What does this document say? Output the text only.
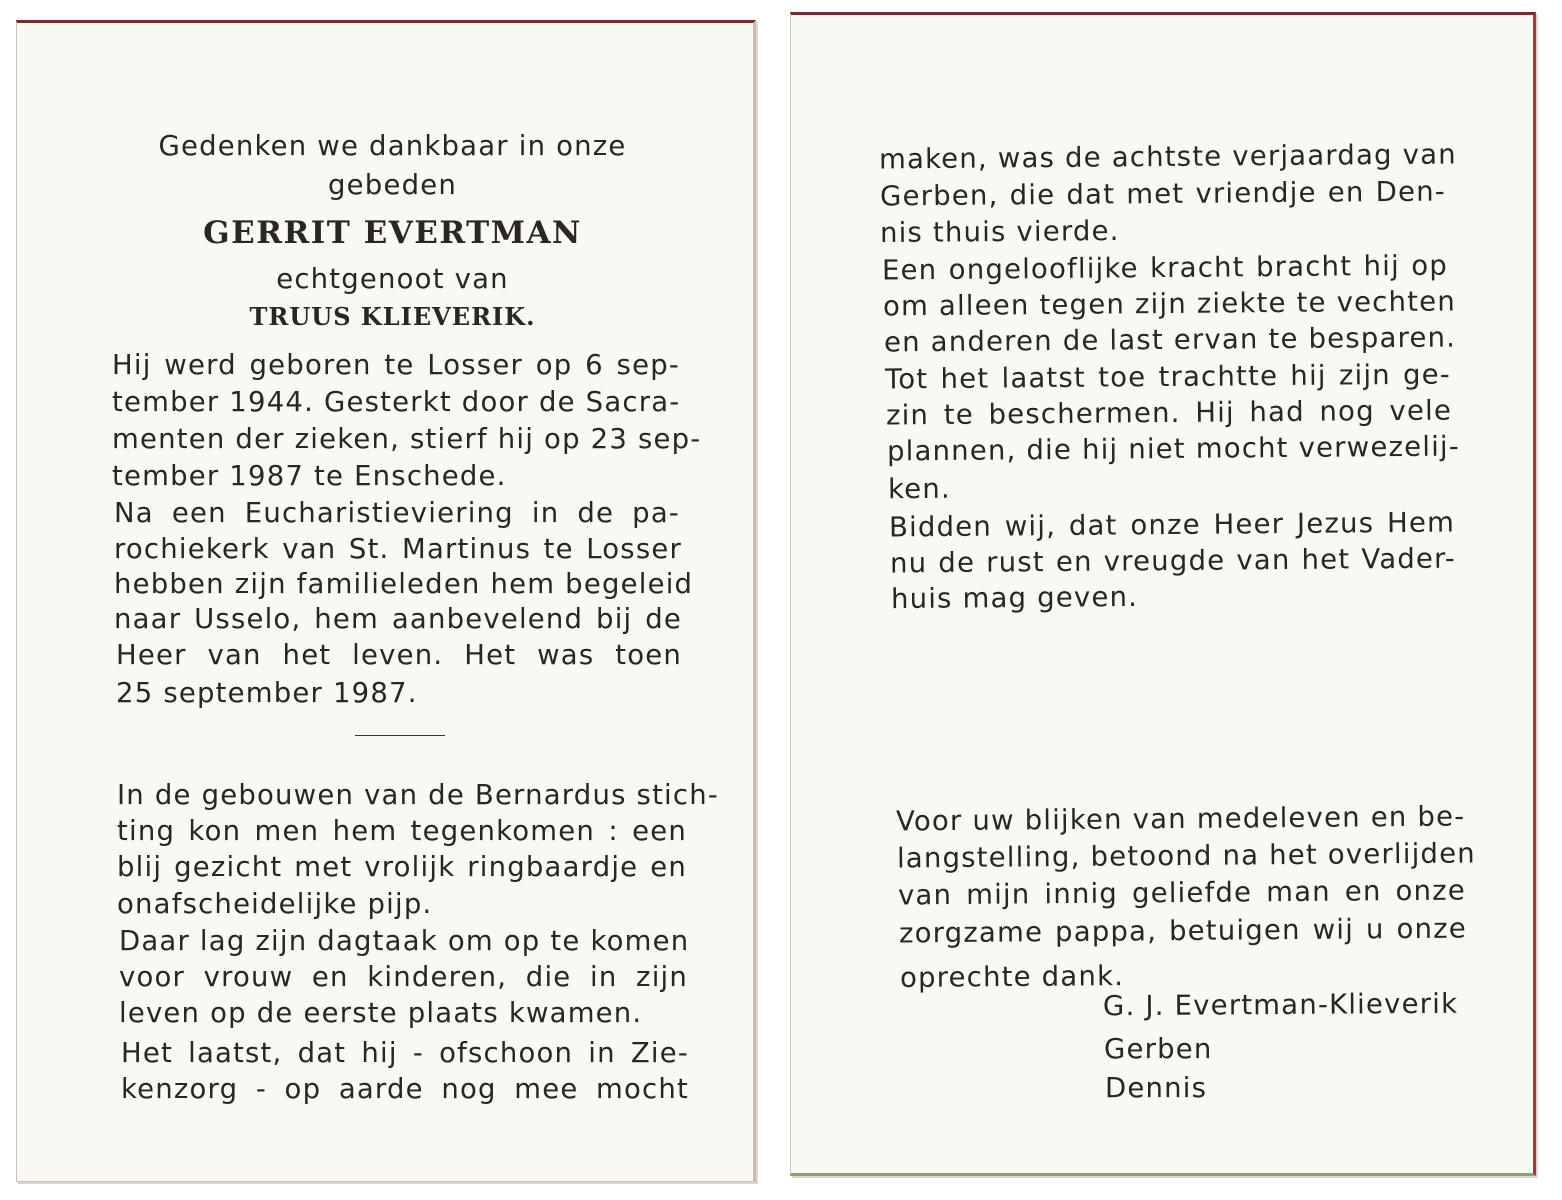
Gedenken we dankbaar in onze
gebeden
GERRIT EVERTMAN
echtgenoot van
TRUUS KLIEVERIK.
Hij werd geboren te Losser op 6 sep-
tember 1944. Gesterkt door de Sacra-
menten der zieken, stierf hij op 23 sep-
tember 1987 te Enschede.
Na een Eucharistieviering in de pa-
rochiekerk van St. Martinus te Losser
hebben zijn familieleden hem begeleid
naar Usselo, hem aanbevelend bij de
Heer van het leven. Het was toen
25 september 1987.
In de gebouwen van de Bernardus stich-
ting kon men hem tegenkomen : een
blij gezicht met vrolijk ringbaardje en
onafscheidelijke pijp.
Daar lag zijn dagtaak om op te komen
voor vrouw en kinderen, die in zijn
leven op de eerste plaats kwamen.
Het laatst, dat hij - ofschoon in Zie-
kenzorg - op aarde nog mee mocht
maken, was de achtste verjaardag van
Gerben, die dat met vriendje en Den-
nis thuis vierde.
Een ongelooflijke kracht bracht hij op
om alleen tegen zijn ziekte te vechten
en anderen de last ervan te besparen.
Tot het laatst toe trachtte hij zijn ge-
zin te beschermen. Hij had nog vele
plannen, die hij niet mocht verwezelij-
ken.
Bidden wij, dat onze Heer Jezus Hem
nu de rust en vreugde van het Vader-
huis mag geven.
Voor uw blijken van medeleven en be-
langstelling, betoond na het overlijden
van mijn innig geliefde man en onze
zorgzame pappa, betuigen wij u onze
oprechte dank.
G. J. Evertman-Klieverik
Gerben
Dennis
